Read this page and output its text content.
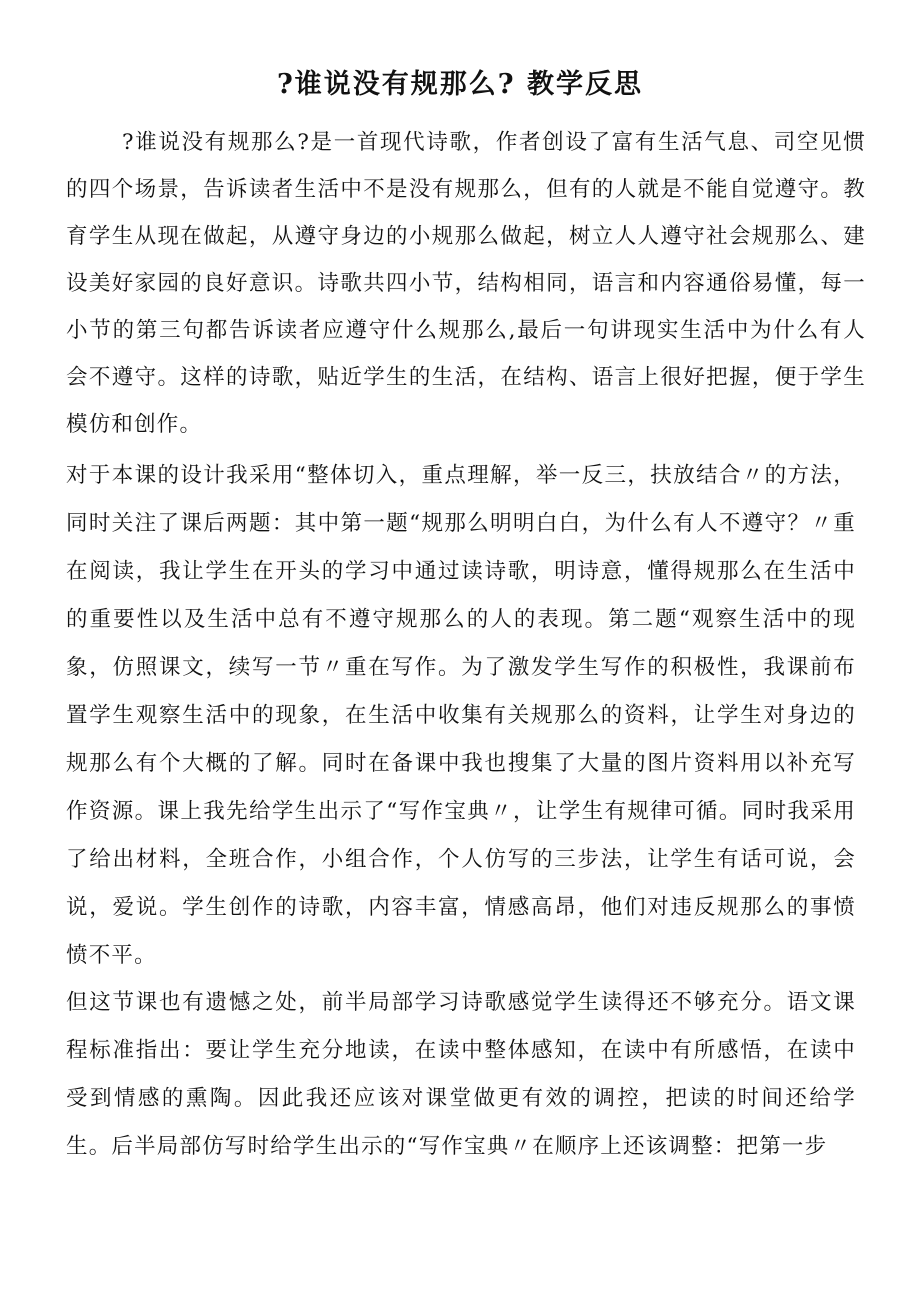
?谁说没有规那么? 教学反思

?谁说没有规那么?是一首现代诗歌，作者创设了富有生活气息、司空见惯的四个场景，告诉读者生活中不是没有规那么，但有的人就是不能自觉遵守。教育学生从现在做起，从遵守身边的小规那么做起，树立人人遵守社会规那么、建设美好家园的良好意识。诗歌共四小节，结构相同，语言和内容通俗易懂，每一小节的第三句都告诉读者应遵守什么规那么,最后一句讲现实生活中为什么有人会不遵守。这样的诗歌，贴近学生的生活，在结构、语言上很好把握，便于学生模仿和创作。

对于本课的设计我采用“整体切入，重点理解，举一反三，扶放结合〃的方法，同时关注了课后两题：其中第一题“规那么明明白白，为什么有人不遵守？〃重在阅读，我让学生在开头的学习中通过读诗歌，明诗意，懂得规那么在生活中的重要性以及生活中总有不遵守规那么的人的表现。第二题“观察生活中的现象，仿照课文，续写一节〃重在写作。为了激发学生写作的积极性，我课前布置学生观察生活中的现象，在生活中收集有关规那么的资料，让学生对身边的规那么有个大概的了解。同时在备课中我也搜集了大量的图片资料用以补充写作资源。课上我先给学生出示了“写作宝典〃，让学生有规律可循。同时我采用了给出材料，全班合作，小组合作，个人仿写的三步法，让学生有话可说，会说，爱说。学生创作的诗歌，内容丰富，情感高昂，他们对违反规那么的事愤愤不平。

但这节课也有遗憾之处，前半局部学习诗歌感觉学生读得还不够充分。语文课程标准指出：要让学生充分地读，在读中整体感知，在读中有所感悟，在读中受到情感的熏陶。因此我还应该对课堂做更有效的调控，把读的时间还给学生。后半局部仿写时给学生出示的“写作宝典〃在顺序上还该调整：把第一步
